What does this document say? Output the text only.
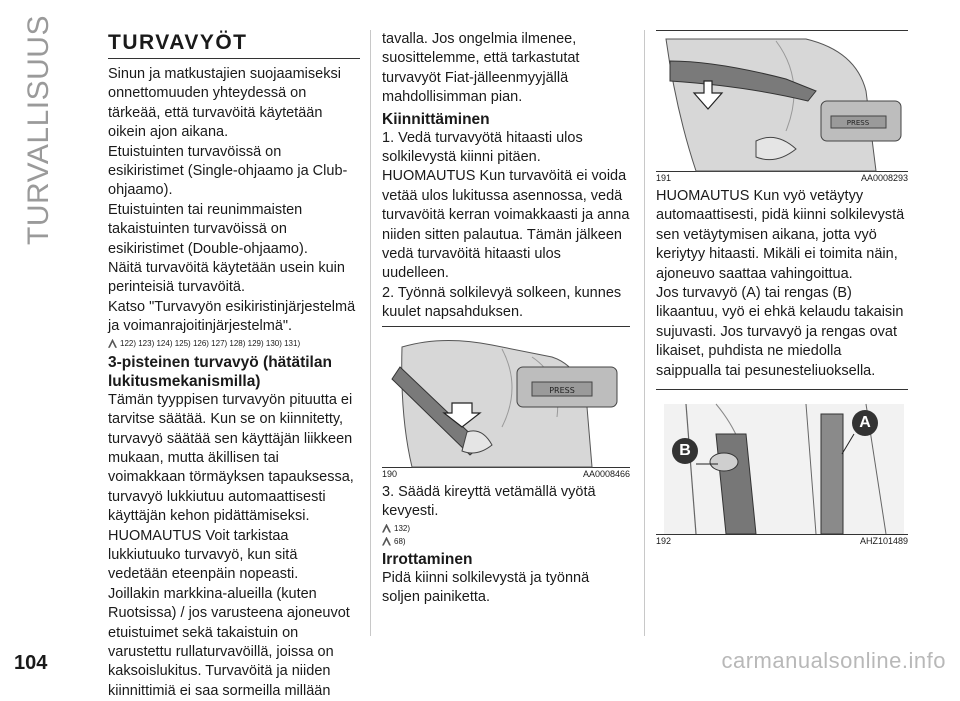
TURVALLISUUS	TURVAVYÖT

Sinun ja matkustajien suojaamiseksi onnettomuuden yhteydessä on tärkeää, että turvavöitä käytetään oikein ajon aikana.

Etuistuinten turvavöissä on esikiristimet (Single-ohjaamo ja Club-ohjaamo).

Etuistuinten tai reunimmaisten takaistuinten turvavöissä on esikiristimet (Double-ohjaamo).

Näitä turvavöitä käytetään usein kuin perinteisiä turvavöitä.

Katso "Turvavyön esikiristinjärjestelmä ja voimanrajoitinjärjestelmä".

122) 123) 124) 125) 126) 127) 128) 129) 130) 131)
3-pisteinen turvavyö (hätätilan lukitusmekanismilla)

Tämän tyyppisen turvavyön pituutta ei tarvitse säätää. Kun se on kiinnitetty, turvavyö säätää sen käyttäjän liikkeen mukaan, mutta äkillisen tai voimakkaan törmäyksen tapauksessa, turvavyö lukkiutuu automaattisesti käyttäjän kehon pidättämiseksi.

HUOMAUTUS Voit tarkistaa lukkiutuuko turvavyö, kun sitä vedetään eteenpäin nopeasti.

Joillakin markkina-alueilla (kuten Ruotsissa) / jos varusteena ajoneuvot etuistuimet sekä takaistuin on varustettu rullaturvavöillä, joissa on kaksoislukitus. Turvavöitä ja niiden kiinnittimiä ei saa sormeilla millään

tavalla. Jos ongelmia ilmenee, suosittelemme, että tarkastutat turvavyöt Fiat-jälleenmyyjällä mahdollisimman pian.

Kiinnittäminen

1. Vedä turvavyötä hitaasti ulos solkilevystä kiinni pitäen.

HUOMAUTUS Kun turvavöitä ei voida vetää ulos lukitussa asennossa, vedä turvavöitä kerran voimakkaasti ja anna niiden sitten palautua. Tämän jälkeen vedä turvavöitä hitaasti ulos uudelleen.

2. Työnnä solkilevyä solkeen, kunnes kuulet napsahduksen.

PRESS
190	AA0008466

3. Säädä kireyttä vetämällä vyötä kevyesti.

132)
68)
Irrottaminen

Pidä kiinni solkilevystä ja työnnä soljen painiketta.

PRESS
191	AA0008293

HUOMAUTUS Kun vyö vetäytyy automaattisesti, pidä kiinni solkilevystä sen vetäytymisen aikana, jotta vyö keriytyy hitaasti. Mikäli ei toimita näin, ajoneuvo saattaa vahingoittua.

Jos turvavyö (A) tai rengas (B) likaantuu, vyö ei ehkä kelaudu takaisin sujuvasti. Jos turvavyö ja rengas ovat likaiset, puhdista ne miedolla saippualla tai pesunesteliuoksella.

B
A
192	AHZ101489
104	carmanualsonline.info
